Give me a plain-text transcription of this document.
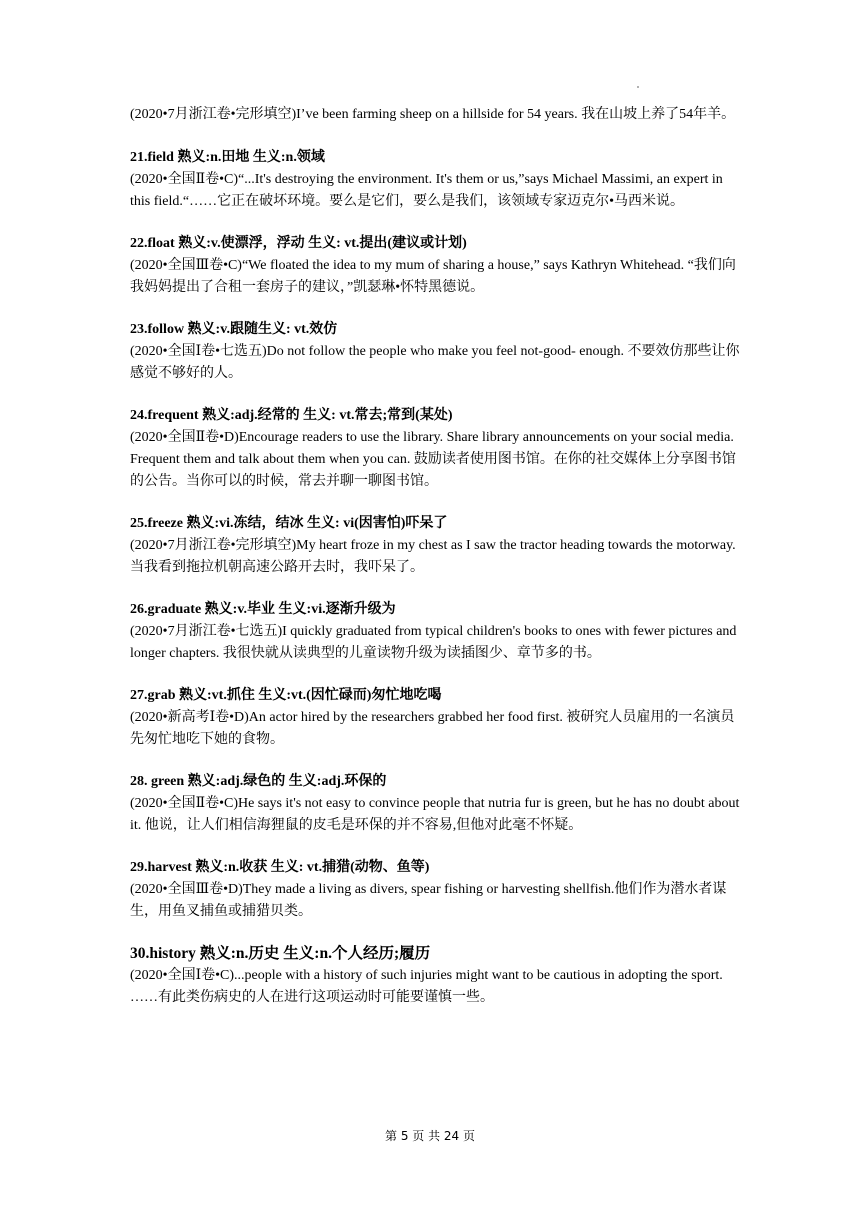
(2020•7月浙江卷•完形填空)I’ve been farming sheep on a hillside for 54 years. 我在山坡上养了54年羊。
21.field 熟义:n.田地 生义:n.领域
(2020•全国Ⅱ卷•C)“...It's destroying the environment. It's them or us,”says Michael Massimi, an expert in this field.“……它正在破坏环境。要么是它们，要么是我们，该领域专家迈克尔•马西米说。
22.float 熟义:v.使漂浮，浮动 生义: vt.提出(建议或计划)
(2020•全国Ⅲ卷•C)“We floated the idea to my mum of sharing a house,” says Kathryn Whitehead. “我们向我妈妈提出了合租一套房子的建议，”凯瑟琳•怀特黑德说。
23.follow 熟义:v.跟随生义: vt.效仿
(2020•全国Ⅰ卷•七选五)Do not follow the people who make you feel not-good- enough. 不要效仿那些让你感觉不够好的人。
24.frequent 熟义:adj.经常的 生义: vt.常去;常到(某处)
(2020•全国Ⅱ卷•D)Encourage readers to use the library. Share library announcements on your social media. Frequent them and talk about them when you can. 鼓励读者使用图书馆。在你的社交媒体上分享图书馆的公告。当你可以的时候，常去并聊一聊图书馆。
25.freeze 熟义:vi.冻结，结冰 生义: vi(因害怕)吓呆了
(2020•7月浙江卷•完形填空)My heart froze in my chest as I saw the tractor heading towards the motorway. 当我看到拖拉机朝高速公路开去时，我吓呆了。
26.graduate 熟义:v.毕业 生义:vi.逐渐升级为
(2020•7月浙江卷•七选五)I quickly graduated from typical children's books to ones with fewer pictures and longer chapters. 我很快就从读典型的儿童读物升级为读插图少、章节多的书。
27.grab 熟义:vt.抓住 生义:vt.(因忙碌而)匆忙地吃喝
(2020•新高考Ⅰ卷•D)An actor hired by the researchers grabbed her food first. 被研究人员雇用的一名演员先匆忙地吃下她的食物。
28. green 熟义:adj.绿色的 生义:adj.环保的
(2020•全国Ⅱ卷•C)He says it's not easy to convince people that nutria fur is green, but he has no doubt about it. 他说，让人们相信海狸鼠的皮毛是环保的并不容易,但他对此毫不怀疑。
29.harvest 熟义:n.收获 生义: vt.捕猎(动物、鱼等)
(2020•全国Ⅲ卷•D)They made a living as divers, spear fishing or harvesting shellfish.他们作为潜水者谋生，用鱼叉捕鱼或捕猎贝类。
30.history 熟义:n.历史 生义:n.个人经历;履历
(2020•全国Ⅰ卷•C)...people with a history of such injuries might want to be cautious in adopting the sport. ……有此类伤病史的人在进行这项运动时可能要谨慎一些。
第 5 页 共 24 页
